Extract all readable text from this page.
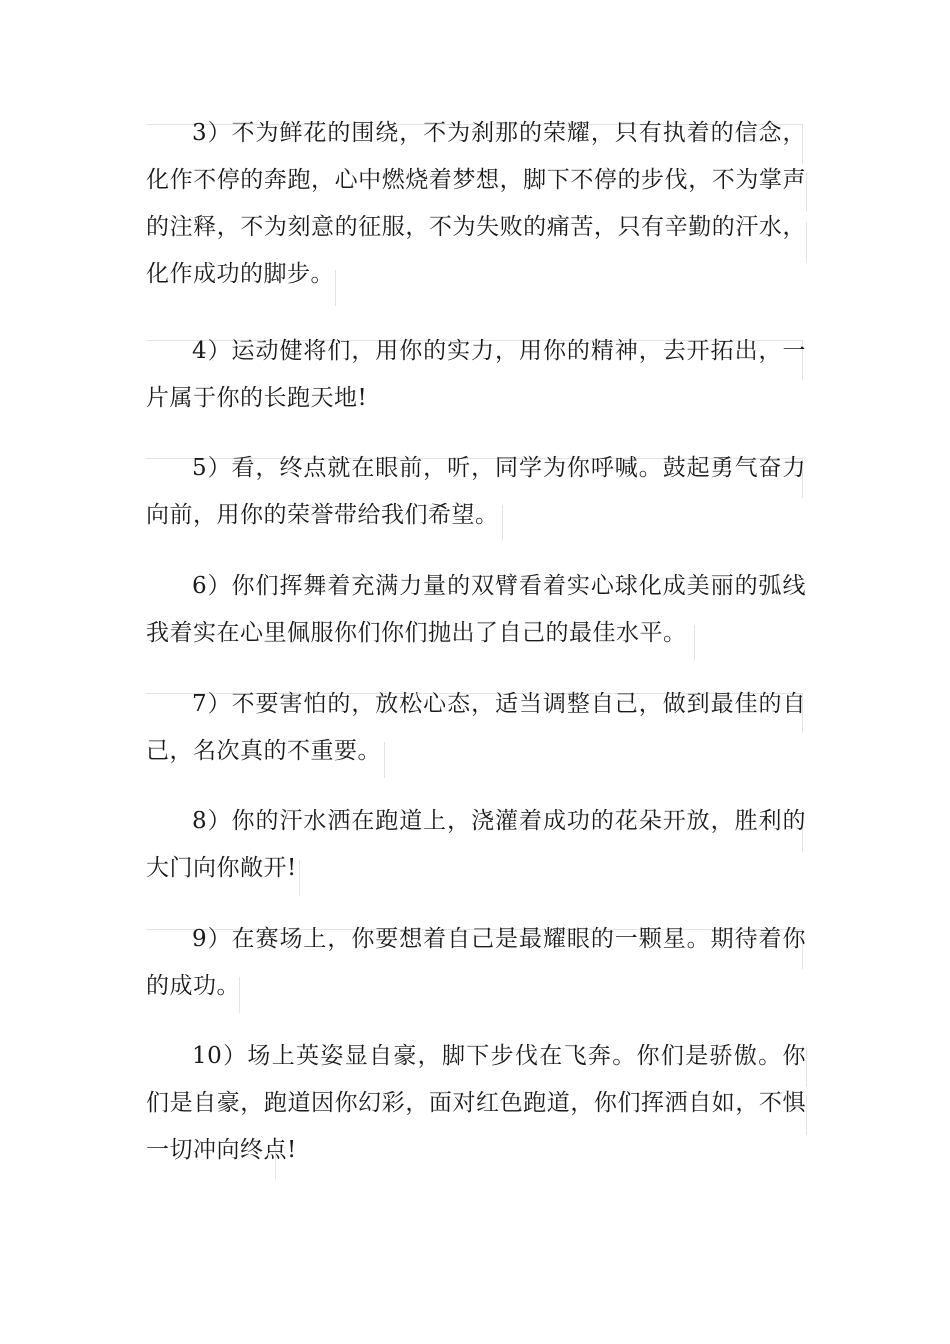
3）不为鲜花的围绕，不为刹那的荣耀，只有执着的信念，化作不停的奔跑，心中燃烧着梦想，脚下不停的步伐，不为掌声的注释，不为刻意的征服，不为失败的痛苦，只有辛勤的汗水，化作成功的脚步。

4）运动健将们，用你的实力，用你的精神，去开拓出，一片属于你的长跑天地!

5）看，终点就在眼前，听，同学为你呼喊。鼓起勇气奋力向前，用你的荣誉带给我们希望。

6）你们挥舞着充满力量的双臂看着实心球化成美丽的弧线我着实在心里佩服你们你们抛出了自己的最佳水平。

7）不要害怕的，放松心态，适当调整自己，做到最佳的自己，名次真的不重要。

8）你的汗水洒在跑道上，浇灌着成功的花朵开放，胜利的大门向你敞开!

9）在赛场上，你要想着自己是最耀眼的一颗星。期待着你的成功。

10）场上英姿显自豪，脚下步伐在飞奔。你们是骄傲。你们是自豪，跑道因你幻彩，面对红色跑道，你们挥洒自如，不惧一切冲向终点!
